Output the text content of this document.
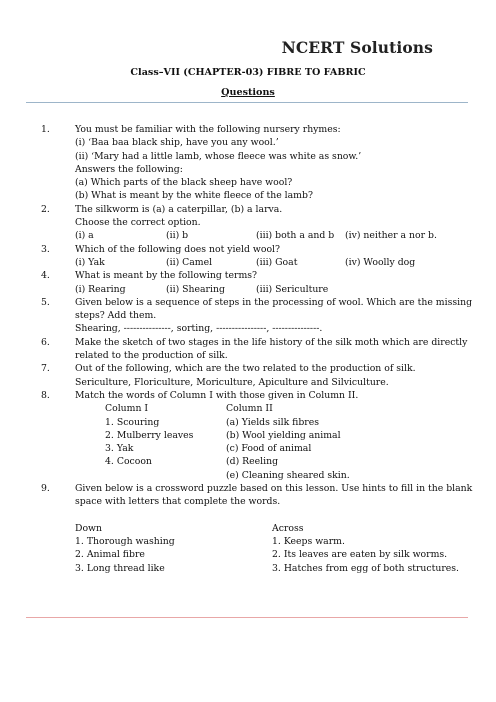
NCERT Solutions
Class–VII (CHAPTER-03) FIBRE TO FABRIC
Questions
1.	You must be familiar with the following nursery rhymes:
(i) ‘Baa baa black ship, have you any wool.’
(ii) ‘Mary had a little lamb, whose fleece was white as snow.’
Answers the following:
(a) Which parts of the black sheep have wool?
(b) What is meant by the white fleece of the lamb?
2.	The silkworm is (a) a caterpillar, (b) a larva.
Choose the correct option.
(i) a	(ii) b	(iii) both a and b (iv) neither a nor b.
3.	Which of the following does not yield wool?
(i) Yak	(ii) Camel	(iii) Goat	(iv) Woolly dog
4.	What is meant by the following terms?
(i) Rearing	(ii) Shearing	(iii) Sericulture
5.	Given below is a sequence of steps in the processing of wool. Which are the missing
steps? Add them.
Shearing, ---------------, sorting, ----------------, ---------------.
6.	Make the sketch of two stages in the life history of the silk moth which are directly
related to the production of silk.
7.	Out of the following, which are the two related to the production of silk.
Sericulture, Floriculture, Moriculture, Apiculture and Silviculture.
8.	Match the words of Column I with those given in Column II.
Column I	Column II
1. Scouring	(a) Yields silk fibres
2. Mulberry leaves	(b) Wool yielding animal
3. Yak	(c) Food of animal
4. Cocoon	(d) Reeling
(e) Cleaning sheared skin.
9.	Given below is a crossword puzzle based on this lesson. Use hints to fill in the blank
space with letters that complete the words.
Down	Across
1. Thorough washing	1. Keeps warm.
2. Animal fibre	2. Its leaves are eaten by silk worms.
3. Long thread like	3. Hatches from egg of both structures.
